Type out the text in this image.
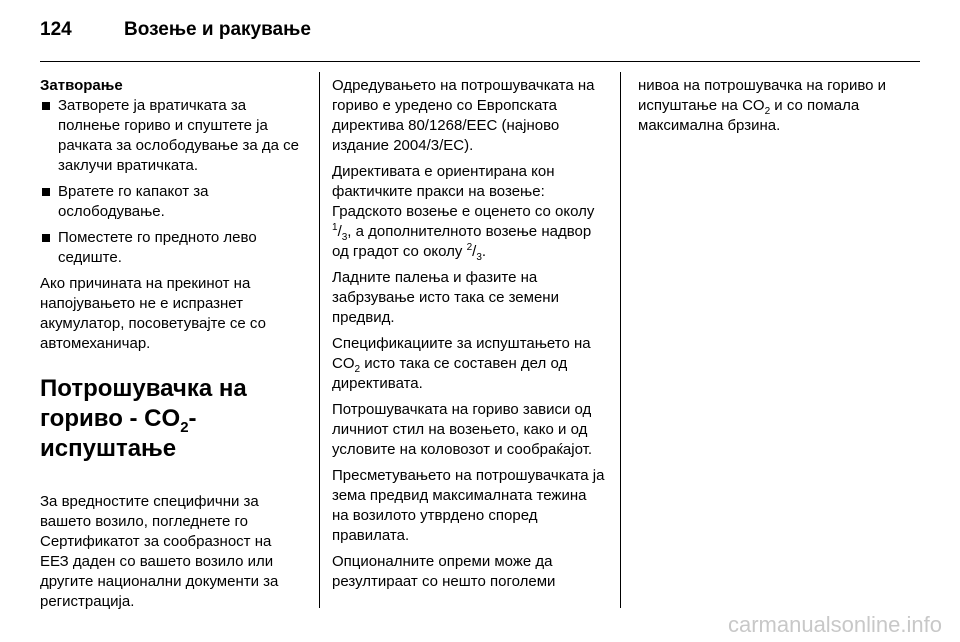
124	Возење и ракување

Затворање

Затворете ја вратичката за полнење гориво и спуштете ја рачката за ослободување за да се заклучи вратичката.
Вратете го капакот за ослободување.
Поместете го предното лево седиште.

Ако причината на прекинот на напојувањето не е испразнет акумулатор, посоветувајте се со автомеханичар.

Потрошувачка на
гориво - $CO_2$-испуштање

За вредностите специфични за вашето возило, погледнете го Сертификатот за сообразност на ЕЕЗ даден со вашето возило или другите национални документи за регистрација.

Одредувањето на потрошувачката на гориво е уредено со Европската директива 80/1268/EEC (најново издание 2004/3/EC).

Директивата е ориентирана кон фактичките пракси на возење: Градското возење е оценето со околу $^1/_3$, а дополнителното возење надвор од градот со околу $^2/_3$.

Ладните палења и фазите на забрзување исто така се земени предвид.

Спецификациите за испуштањето на $CO_2$ исто така се составен дел од директивата.

Потрошувачката на гориво зависи од личниот стил на возењето, како и од условите на коловозот и сообраќајот.

Пресметувањето на потрошувачката ја зема предвид максималната тежина на возилото утврдено според правилата.

Опционалните опреми може да резултираат со нешто поголеми

нивоа на потрошувачка на гориво и испуштање на $CO_2$ и со помала максимална брзина.

carmanualsonline.info
